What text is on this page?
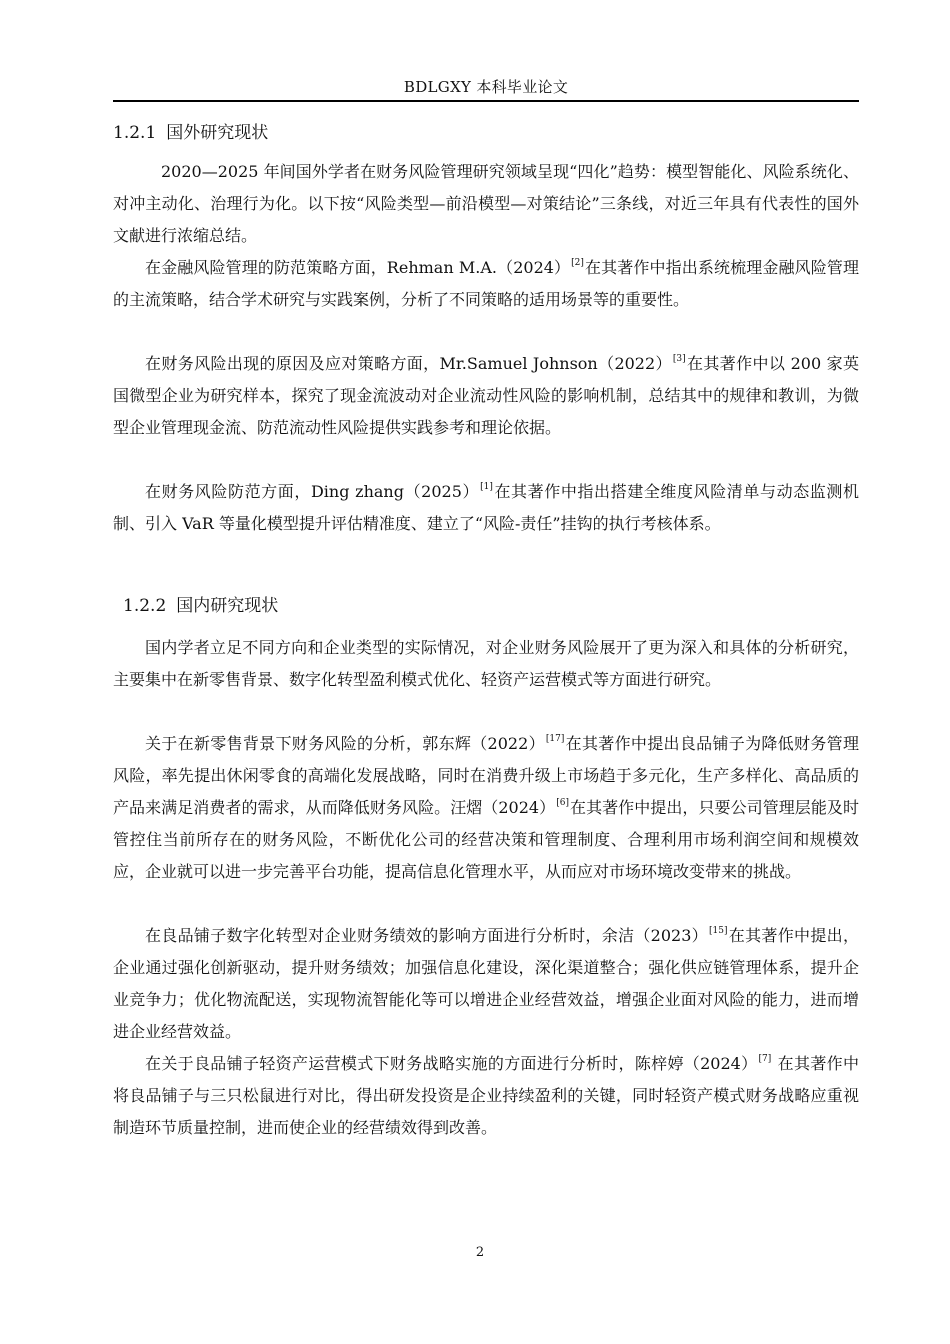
BDLGXY 本科毕业论文
1.2.1 国外研究现状

2020—2025 年间国外学者在财务风险管理研究领域呈现“四化”趋势：模型智能化、风险系统化、对冲主动化、治理行为化。以下按“风险类型—前沿模型—对策结论”三条线，对近三年具有代表性的国外文献进行浓缩总结。

在金融风险管理的防范策略方面，Rehman M.A.（2024）[2]在其著作中指出系统梳理金融风险管理的主流策略，结合学术研究与实践案例，分析了不同策略的适用场景等的重要性。

在财务风险出现的原因及应对策略方面，Mr.Samuel Johnson（2022）[3]在其著作中以 200 家英国微型企业为研究样本，探究了现金流波动对企业流动性风险的影响机制，总结其中的规律和教训，为微型企业管理现金流、防范流动性风险提供实践参考和理论依据。

在财务风险防范方面，Ding zhang（2025）[1]在其著作中指出搭建全维度风险清单与动态监测机制、引入 VaR 等量化模型提升评估精准度、建立了“风险-责任”挂钩的执行考核体系。

1.2.2 国内研究现状

国内学者立足不同方向和企业类型的实际情况，对企业财务风险展开了更为深入和具体的分析研究，主要集中在新零售背景、数字化转型盈利模式优化、轻资产运营模式等方面进行研究。

关于在新零售背景下财务风险的分析，郭东辉（2022）[17]在其著作中提出良品铺子为降低财务管理风险，率先提出休闲零食的高端化发展战略，同时在消费升级上市场趋于多元化，生产多样化、高品质的产品来满足消费者的需求，从而降低财务风险。汪熠（2024）[6]在其著作中提出，只要公司管理层能及时管控住当前所存在的财务风险，不断优化公司的经营决策和管理制度、合理利用市场利润空间和规模效应，企业就可以进一步完善平台功能，提高信息化管理水平，从而应对市场环境改变带来的挑战。

在良品铺子数字化转型对企业财务绩效的影响方面进行分析时，余洁（2023）[15]在其著作中提出，企业通过强化创新驱动，提升财务绩效；加强信息化建设，深化渠道整合；强化供应链管理体系，提升企业竞争力；优化物流配送，实现物流智能化等可以增进企业经营效益，增强企业面对风险的能力，进而增进企业经营效益。

在关于良品铺子轻资产运营模式下财务战略实施的方面进行分析时，陈梓婷（2024）[7] 在其著作中将良品铺子与三只松鼠进行对比，得出研发投资是企业持续盈利的关键，同时轻资产模式财务战略应重视制造环节质量控制，进而使企业的经营绩效得到改善。

2
